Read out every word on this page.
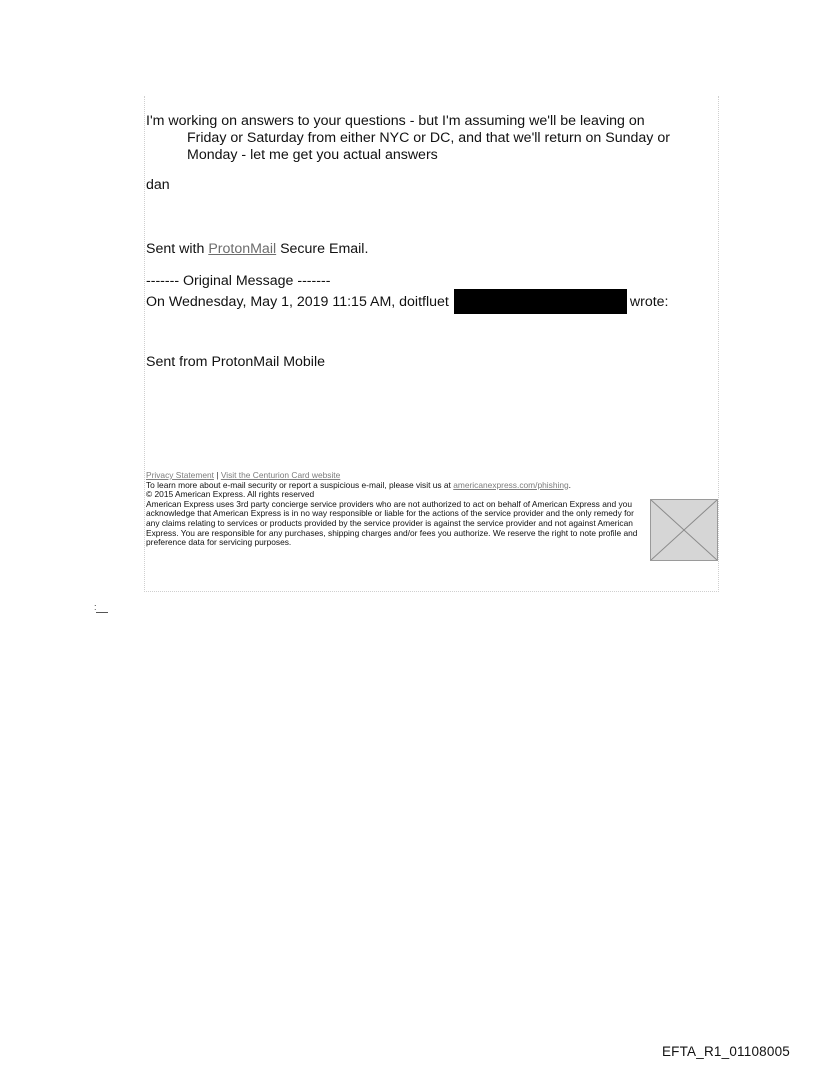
I'm working on answers to your questions - but I'm assuming we'll be leaving on
Friday or Saturday from either NYC or DC, and that we'll return on Sunday or
Monday - let me get you actual answers
dan
Sent with ProtonMail Secure Email.
------- Original Message -------
On Wednesday, May 1, 2019 11:15 AM, doitfluet	wrote:
Sent from ProtonMail Mobile

Privacy Statement | Visit the Centurion Card website

To learn more about e-mail security or report a suspicious e-mail, please visit us at americanexpress.com/phishing.

© 2015 American Express. All rights reserved

American Express uses 3rd party concierge service providers who are not authorized to act on behalf of American Express and you acknowledge that American Express is in no way responsible or liable for the actions of the service provider and the only remedy for any claims relating to services or products provided by the service provider is against the service provider and not against American Express. You are responsible for any purchases, shipping charges and/or fees you authorize. We reserve the right to note profile and preference data for servicing purposes.

:
EFTA_R1_01108005
